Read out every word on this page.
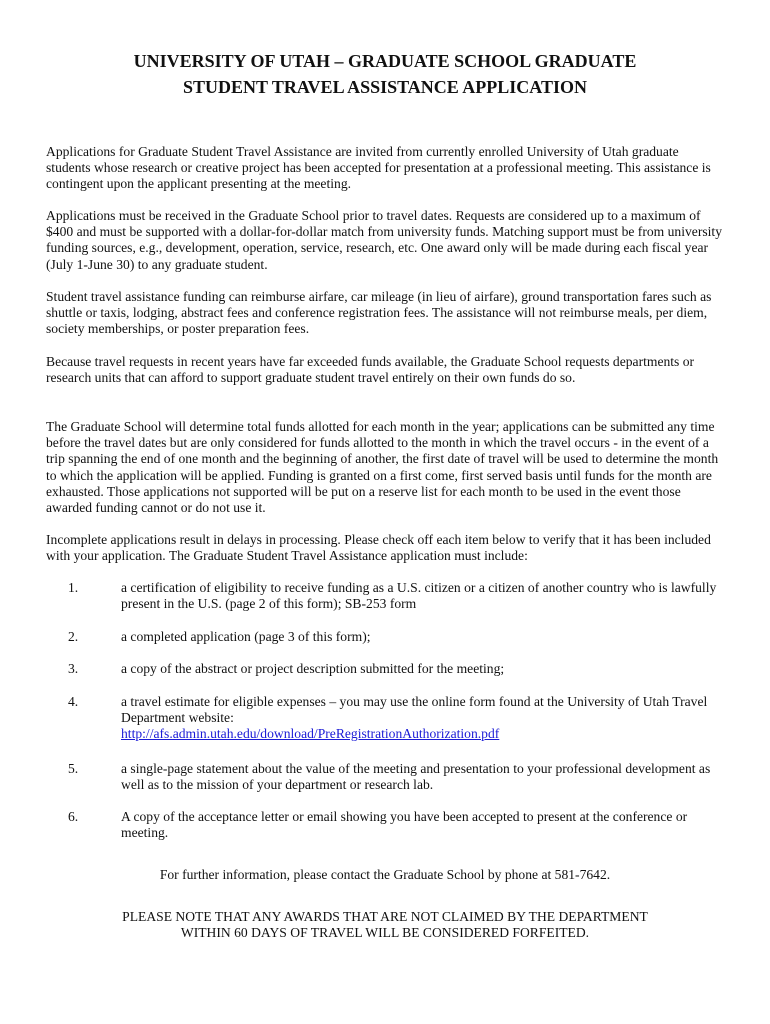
UNIVERSITY OF UTAH – GRADUATE SCHOOL GRADUATE
STUDENT TRAVEL ASSISTANCE APPLICATION

Applications for Graduate Student Travel Assistance are invited from currently enrolled University of Utah graduate students whose research or creative project has been accepted for presentation at a professional meeting. This assistance is contingent upon the applicant presenting at the meeting.

Applications must be received in the Graduate School prior to travel dates. Requests are considered up to a maximum of $400 and must be supported with a dollar-for-dollar match from university funds. Matching support must be from university funding sources, e.g., development, operation, service, research, etc. One award only will be made during each fiscal year (July 1-June 30) to any graduate student.

Student travel assistance funding can reimburse airfare, car mileage (in lieu of airfare), ground transportation fares such as shuttle or taxis, lodging, abstract fees and conference registration fees. The assistance will not reimburse meals, per diem, society memberships, or poster preparation fees.

Because travel requests in recent years have far exceeded funds available, the Graduate School requests departments or research units that can afford to support graduate student travel entirely on their own funds do so.

The Graduate School will determine total funds allotted for each month in the year; applications can be submitted any time before the travel dates but are only considered for funds allotted to the month in which the travel occurs - in the event of a trip spanning the end of one month and the beginning of another, the first date of travel will be used to determine the month to which the application will be applied. Funding is granted on a first come, first served basis until funds for the month are exhausted. Those applications not supported will be put on a reserve list for each month to be used in the event those awarded funding cannot or do not use it.

Incomplete applications result in delays in processing. Please check off each item below to verify that it has been included with your application. The Graduate Student Travel Assistance application must include:

1.	a certification of eligibility to receive funding as a U.S. citizen or a citizen of another country who is lawfully present in the U.S. (page 2 of this form); SB-253 form
2.	a completed application (page 3 of this form);
3.	a copy of the abstract or project description submitted for the meeting;
4.	a travel estimate for eligible expenses – you may use the online form found at the University of Utah Travel Department website:
http://afs.admin.utah.edu/download/PreRegistrationAuthorization.pdf
5.	a single-page statement about the value of the meeting and presentation to your professional development as well as to the mission of your department or research lab.
6.	A copy of the acceptance letter or email showing you have been accepted to present at the conference or meeting.
For further information, please contact the Graduate School by phone at 581-7642.
PLEASE NOTE THAT ANY AWARDS THAT ARE NOT CLAIMED BY THE DEPARTMENT
WITHIN 60 DAYS OF TRAVEL WILL BE CONSIDERED FORFEITED.
